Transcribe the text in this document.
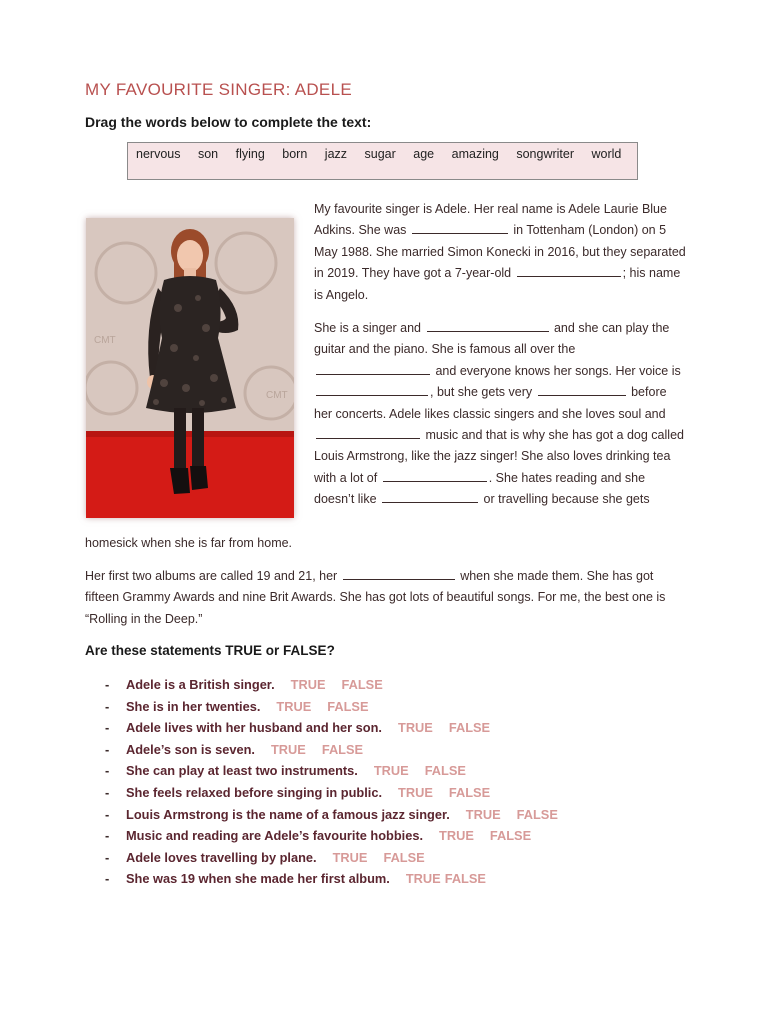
MY FAVOURITE SINGER: ADELE
Drag the words below to complete the text:
nervous son flying born jazz sugar age amazing songwriter world
CMT
CMT

My favourite singer is Adele. Her real name is Adele Laurie Blue Adkins. She was	in Tottenham (London) on 5 May 1988. She married Simon Konecki in 2016, but they separated in 2019. They have got a 7-year-old	; his name is Angelo.

She is a singer and	and she can play the guitar and the piano. She is famous all over the  and everyone knows her songs. Her voice is , but she gets very	before her concerts. Adele likes classic singers and she loves soul and  music and that is why she has got a dog called Louis Armstrong, like the jazz singer! She also loves drinking tea with a lot of	. She hates reading and she doesn’t like	or travelling because she gets

homesick when she is far from home.

Her first two albums are called 19 and 21, her	when she made them. She has got fifteen Grammy Awards and nine Brit Awards. She has got lots of beautiful songs. For me, the best one is “Rolling in the Deep.”

Are these statements TRUE or FALSE?
- Adele is a British singer. TRUE FALSE
- She is in her twenties. TRUE FALSE
- Adele lives with her husband and her son. TRUE FALSE
- Adele’s son is seven. TRUE FALSE
- She can play at least two instruments. TRUE FALSE
- She feels relaxed before singing in public. TRUE FALSE
- Louis Armstrong is the name of a famous jazz singer. TRUE FALSE
- Music and reading are Adele’s favourite hobbies. TRUE FALSE
- Adele loves travelling by plane. TRUE FALSE
- She was 19 when she made her first album. TRUE FALSE
